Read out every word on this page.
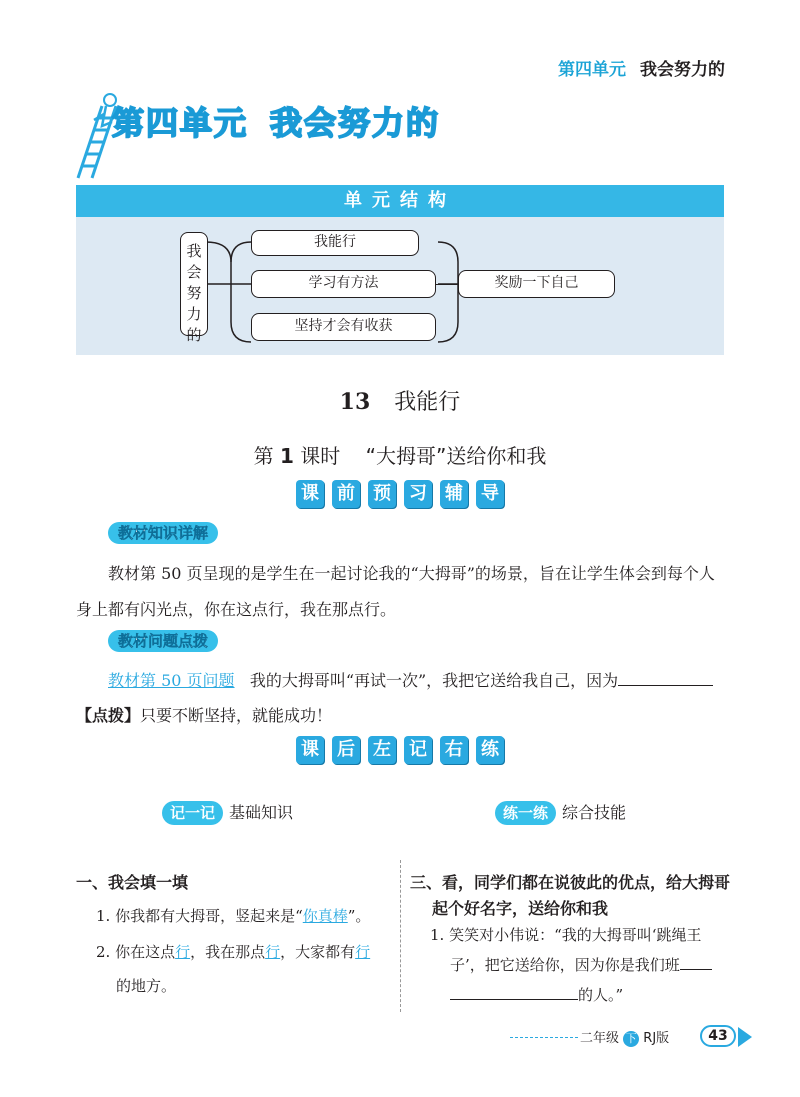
第四单元 我会努力的
第四单元 我会努力的
单元结构
我会努力的
我能行
学习有方法
坚持才会有收获
奖励一下自己
13 我能行
第 1 课时 “大拇哥”送给你和我
课 前 预 习 辅 导
教材知识详解
教材第 50 页呈现的是学生在一起讨论我的“大拇哥”的场景，旨在让学生体会到每个人身上都有闪光点，你在这点行，我在那点行。
教材问题点拨
教材第 50 页问题 我的大拇哥叫“再试一次”，我把它送给我自己，因为
【点拨】只要不断坚持，就能成功！
课 后 左 记 右 练
记一记 基础知识	练一练 综合技能
一、我会填一填
1. 你我都有大拇哥，竖起来是“你真棒”。
2. 你在这点行，我在那点行，大家都有行
的地方。
三、看，同学们都在说彼此的优点，给大拇哥
起个好名字，送给你和我
1. 笑笑对小伟说：“我的大拇哥叫‘跳绳王
子’，把它送给你，因为你是我们班
的人。”
二年级 下 RJ版	43
